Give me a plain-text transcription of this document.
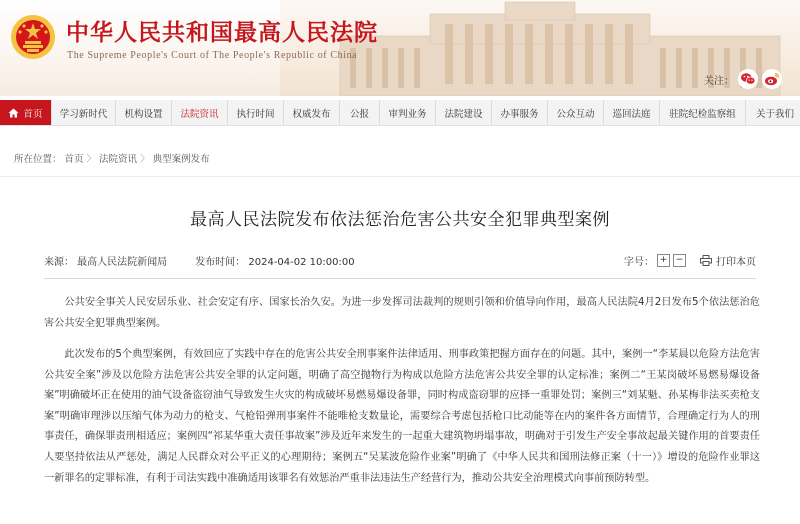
中华人民共和国最高人民法院
The Supreme People's Court of The People's Republic of China
关注：
首页	学习新时代	机构设置	法院资讯	执行时间	权威发布	公报	审判业务	法院建设	办事服务	公众互动	巡回法庭	驻院纪检监察组	关于我们
所在位置： 首页 〉 法院资讯 〉 典型案例发布
最高人民法院发布依法惩治危害公共安全犯罪典型案例
来源： 最高人民法院新闻局	发布时间： 2024-04-02 10:00:00	字号： + −	打印本页

公共安全事关人民安居乐业、社会安定有序、国家长治久安。为进一步发挥司法裁判的规则引领和价值导向作用，最高人民法院4月2日发布5个依法惩治危害公共安全犯罪典型案例。

此次发布的5个典型案例，有效回应了实践中存在的危害公共安全刑事案件法律适用、刑事政策把握方面存在的问题。其中，案例一“李某晨以危险方法危害公共安全案”涉及以危险方法危害公共安全罪的认定问题，明确了高空抛物行为构成以危险方法危害公共安全罪的认定标准；案例二“王某岗破坏易燃易爆设备案”明确破坏正在使用的油气设备盗窃油气导致发生火灾的构成破坏易燃易爆设备罪，同时构成盗窃罪的应择一重罪处罚；案例三“刘某魁、孙某梅非法买卖枪支案”明确审理涉以压缩气体为动力的枪支、气枪铅弹刑事案件不能唯枪支数量论，需要综合考虑包括枪口比动能等在内的案件各方面情节，合理确定行为人的刑事责任，确保罪责刑相适应；案例四“祁某华重大责任事故案”涉及近年来发生的一起重大建筑物坍塌事故，明确对于引发生产安全事故起最关键作用的首要责任人要坚持依法从严惩处，满足人民群众对公平正义的心理期待；案例五“吴某波危险作业案”明确了《中华人民共和国刑法修正案（十一）》增设的危险作业罪这一新罪名的定罪标准，有利于司法实践中准确适用该罪名有效惩治严重非法违法生产经营行为，推动公共安全治理模式向事前预防转型。
